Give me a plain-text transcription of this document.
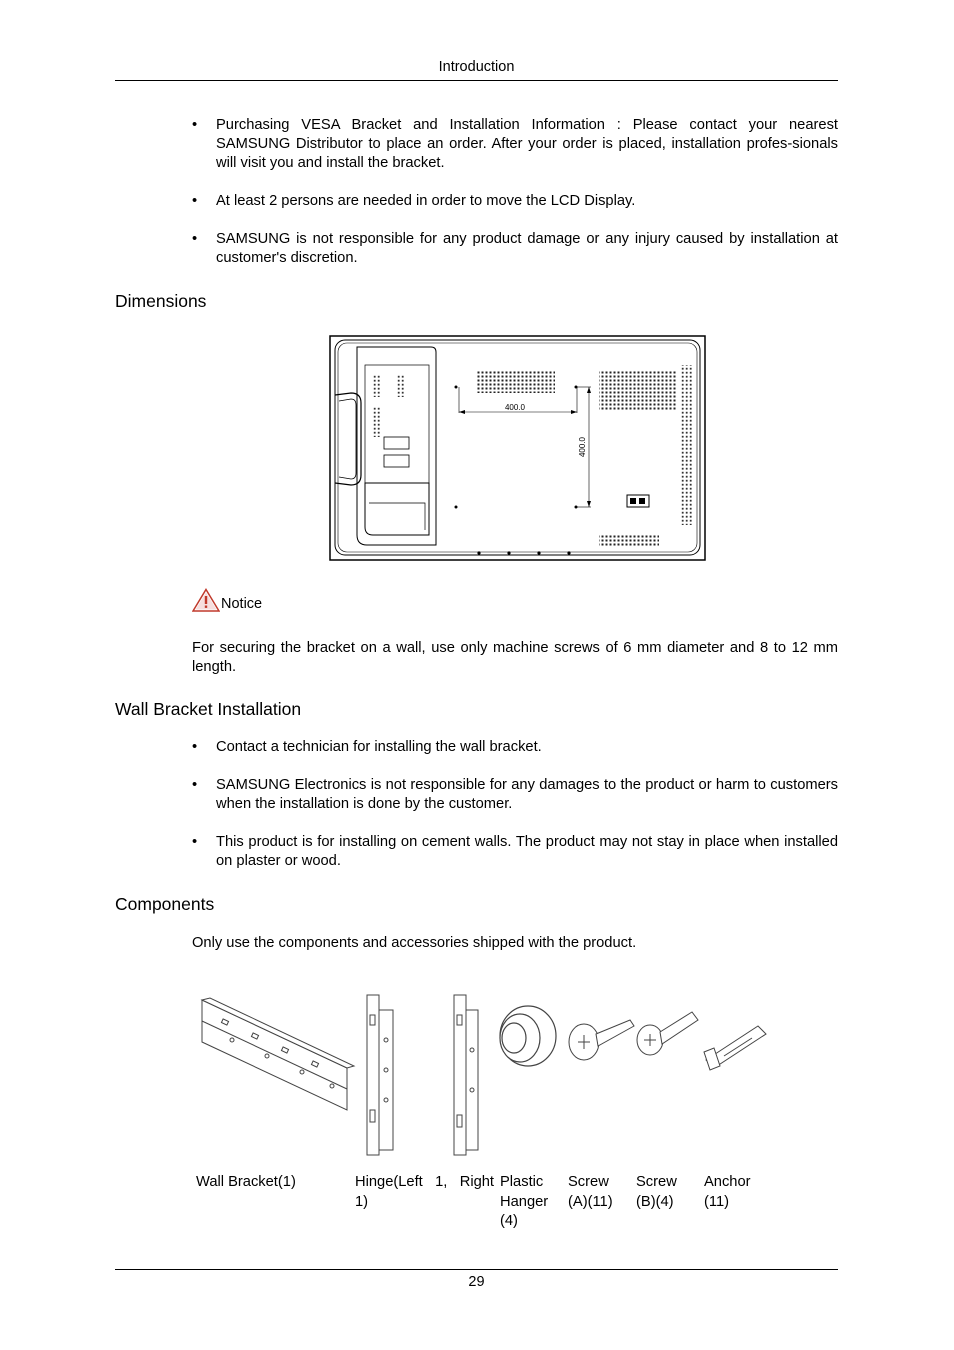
Introduction
• Purchasing VESA Bracket and Installation Information : Please contact your nearest SAMSUNG Distributor to place an order. After your order is placed, installation profes-sionals will visit you and install the bracket.
• At least 2 persons are needed in order to move the LCD Display.
• SAMSUNG is not responsible for any product damage or any injury caused by installation at customer's discretion.
Dimensions
400.0
400.0
Notice

For securing the bracket on a wall, use only machine screws of 6 mm diameter and 8 to 12 mm length.

Wall Bracket Installation
• Contact a technician for installing the wall bracket.
• SAMSUNG Electronics is not responsible for any damages to the product or harm to customers when the installation is done by the customer.
• This product is for installing on cement walls. The product may not stay in place when installed on plaster or wood.
Components

Only use the components and accessories shipped with the product.

Wall Bracket(1)	Hinge(Left 1, Right 1)
Plastic Hanger (4)
Screw (A)(11)
Screw (B)(4)
Anchor (11)
29
